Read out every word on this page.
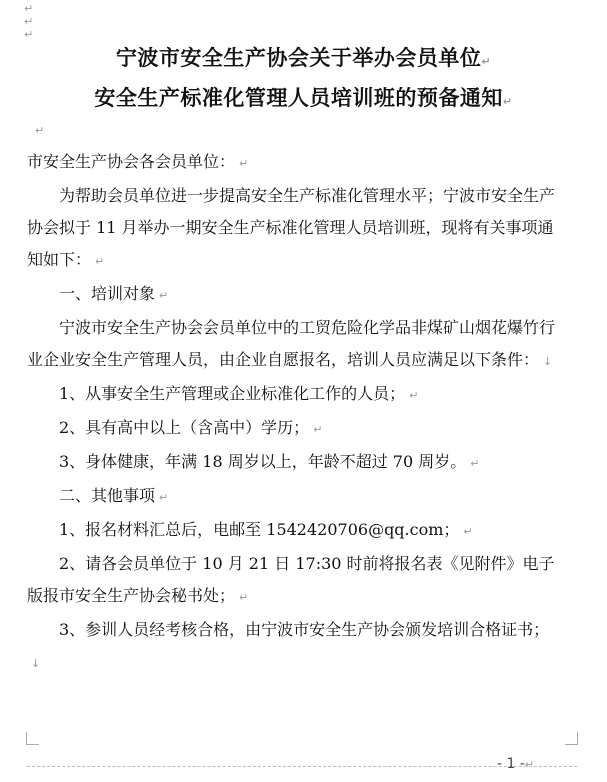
↵
↵
↵
宁波市安全生产协会关于举办会员单位↵
安全生产标准化管理人员培训班的预备通知↵
↵

市安全生产协会各会员单位： ↵

为帮助会员单位进一步提高安全生产标准化管理水平；宁波市安全生产协会拟于 11 月举办一期安全生产标准化管理人员培训班，现将有关事项通知如下： ↵

一、培训对象 ↵

宁波市安全生产协会会员单位中的工贸危险化学品非煤矿山烟花爆竹行业企业安全生产管理人员，由企业自愿报名，培训人员应满足以下条件： ↓

1、从事安全生产管理或企业标准化工作的人员； ↵

2、具有高中以上（含高中）学历； ↵

3、身体健康，年满 18 周岁以上，年龄不超过 70 周岁。 ↵

二、其他事项 ↵

1、报名材料汇总后，电邮至 1542420706@qq.com； ↵

2、请各会员单位于 10 月 21 日 17:30 时前将报名表《见附件》电子版报市安全生产协会秘书处； ↵

3、参训人员经考核合格，由宁波市安全生产协会颁发培训合格证书；↓

- 1 -↵
